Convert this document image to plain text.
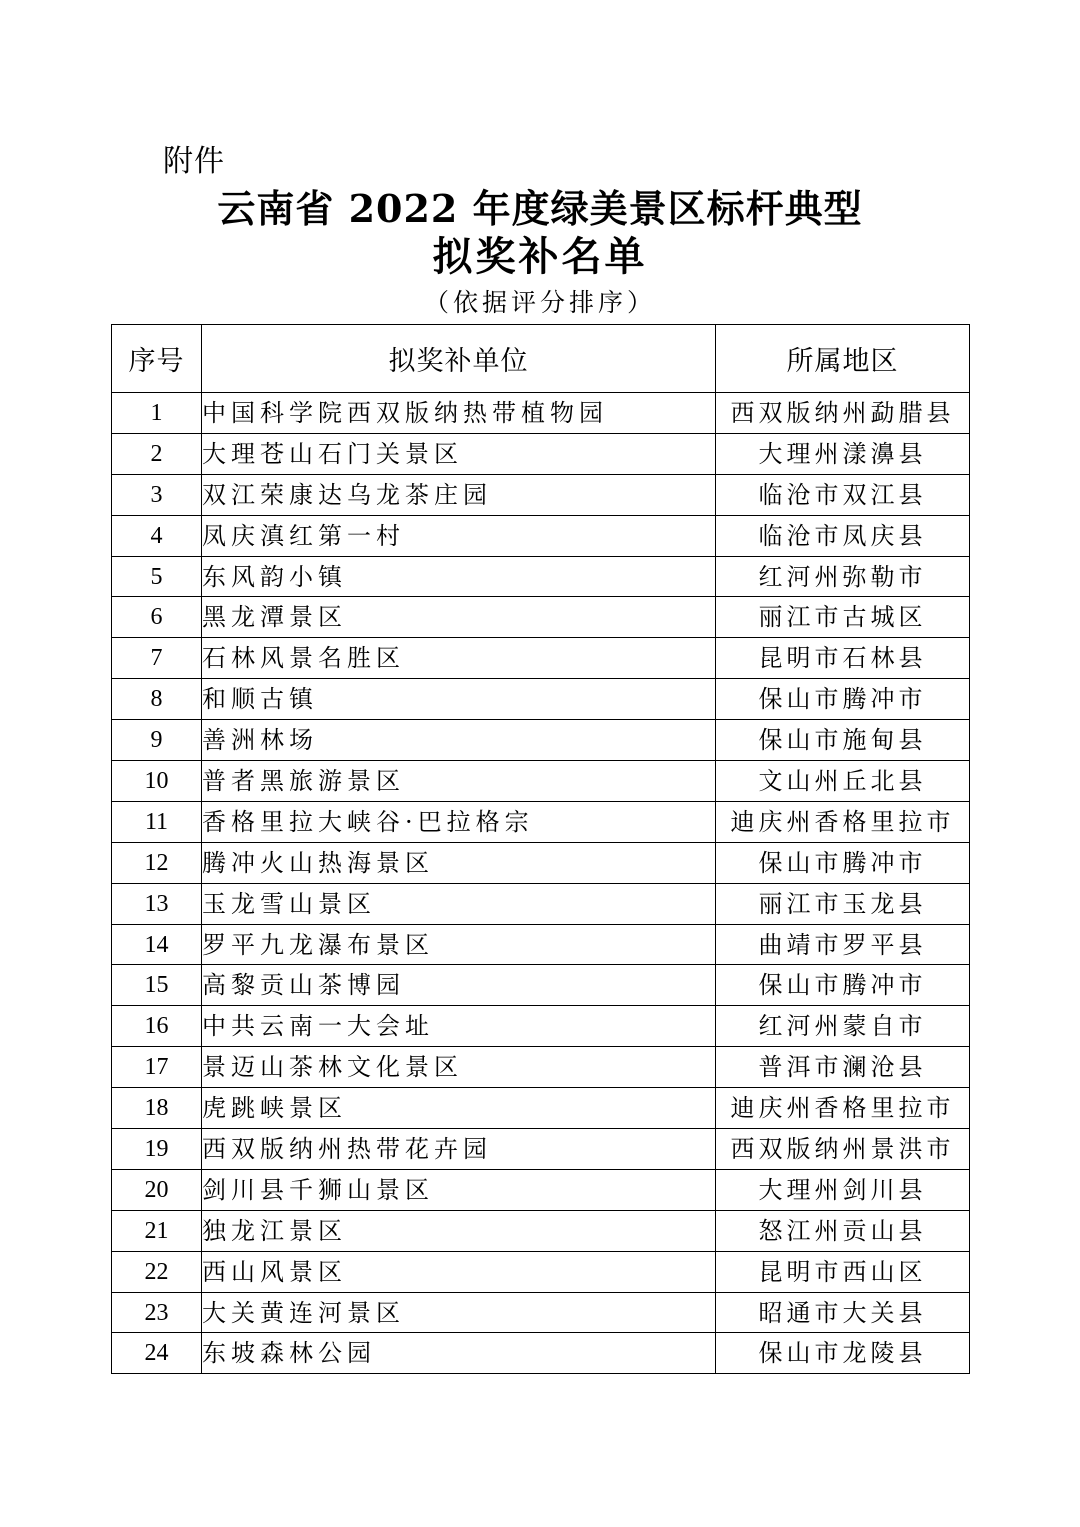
附件
云南省 2022 年度绿美景区标杆典型
拟奖补名单
（依据评分排序）
序号	拟奖补单位	所属地区
1	中国科学院西双版纳热带植物园	西双版纳州勐腊县
2	大理苍山石门关景区	大理州漾濞县
3	双江荣康达乌龙茶庄园	临沧市双江县
4	凤庆滇红第一村	临沧市凤庆县
5	东风韵小镇	红河州弥勒市
6	黑龙潭景区	丽江市古城区
7	石林风景名胜区	昆明市石林县
8	和顺古镇	保山市腾冲市
9	善洲林场	保山市施甸县
10	普者黑旅游景区	文山州丘北县
11	香格里拉大峡谷·巴拉格宗	迪庆州香格里拉市
12	腾冲火山热海景区	保山市腾冲市
13	玉龙雪山景区	丽江市玉龙县
14	罗平九龙瀑布景区	曲靖市罗平县
15	高黎贡山茶博园	保山市腾冲市
16	中共云南一大会址	红河州蒙自市
17	景迈山茶林文化景区	普洱市澜沧县
18	虎跳峡景区	迪庆州香格里拉市
19	西双版纳州热带花卉园	西双版纳州景洪市
20	剑川县千狮山景区	大理州剑川县
21	独龙江景区	怒江州贡山县
22	西山风景区	昆明市西山区
23	大关黄连河景区	昭通市大关县
24	东坡森林公园	保山市龙陵县
